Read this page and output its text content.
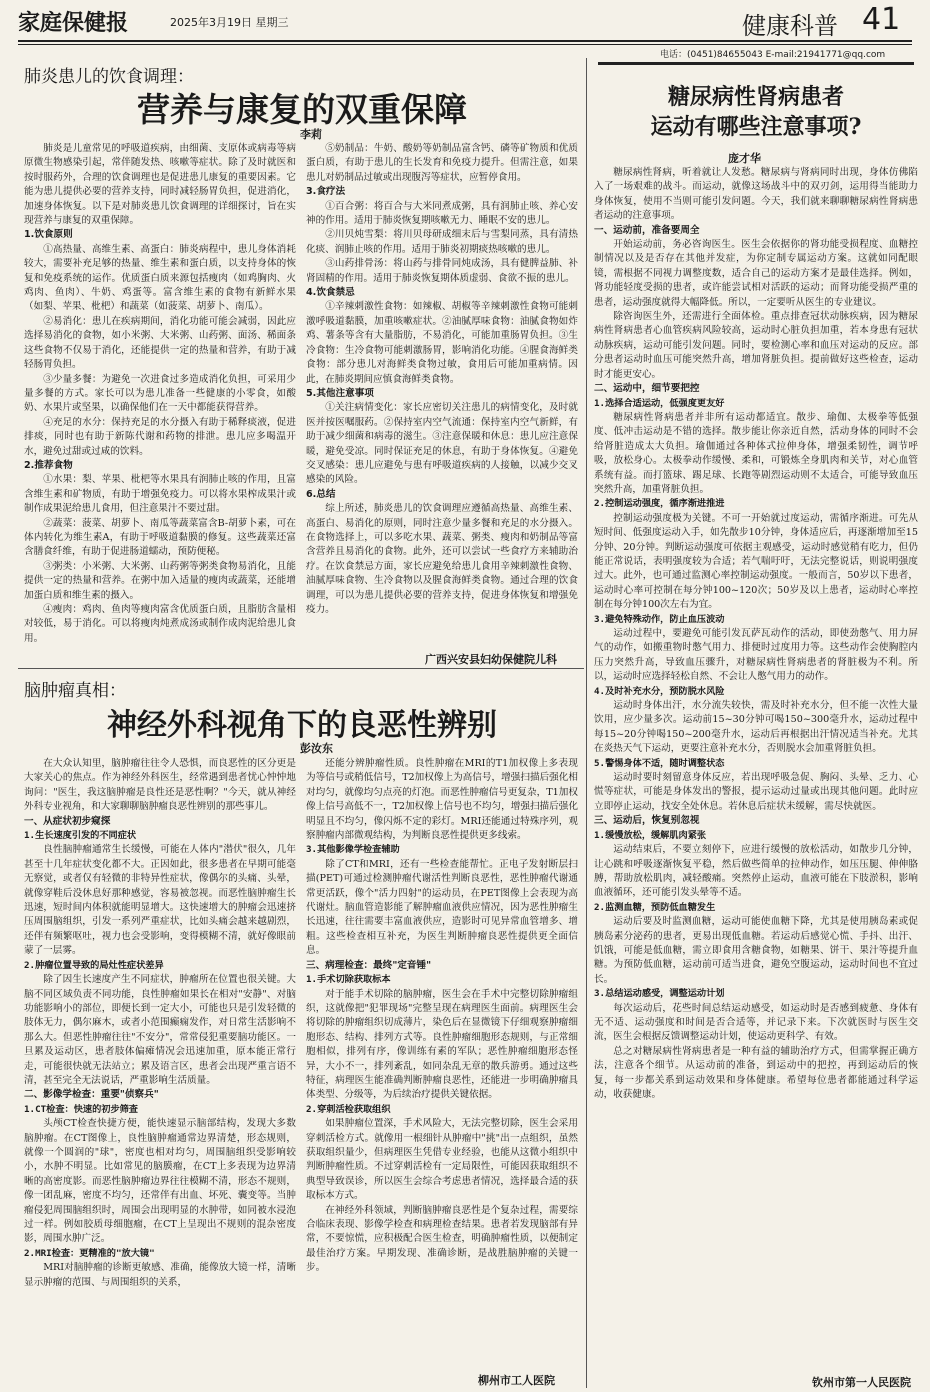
家庭保健报	2025年3月19日 星期三	健康科普 41
电话：(0451)84655043 E-mail:21941771@qq.com
肺炎患儿的饮食调理：
营养与康复的双重保障
李莉

肺炎是儿童常见的呼吸道疾病，由细菌、支原体或病毒等病原微生物感染引起，常伴随发热、咳嗽等症状。除了及时就医和按时服药外，合理的饮食调理也是促进患儿康复的重要因素。它能为患儿提供必要的营养支持，同时减轻肠胃负担，促进消化，加速身体恢复。以下是对肺炎患儿饮食调理的详细探讨，旨在实现营养与康复的双重保障。

1.饮食原则

①高热量、高维生素、高蛋白：肺炎病程中，患儿身体消耗较大，需要补充足够的热量、维生素和蛋白质，以支持身体的恢复和免疫系统的运作。优质蛋白质来源包括瘦肉（如鸡胸肉、火鸡肉、鱼肉）、牛奶、鸡蛋等。富含维生素的食物有新鲜水果（如梨、苹果、枇杷）和蔬菜（如菠菜、胡萝卜、南瓜）。

②易消化：患儿在疾病期间，消化功能可能会减弱，因此应选择易消化的食物，如小米粥、大米粥、山药粥、面汤、稀面条这些食物不仅易于消化，还能提供一定的热量和营养，有助于减轻肠胃负担。

③少量多餐：为避免一次进食过多造成消化负担，可采用少量多餐的方式。家长可以为患儿准备一些健康的小零食，如酸奶、水果片或坚果，以确保他们在一天中都能获得营养。

④充足的水分：保持充足的水分摄入有助于稀释痰液，促进排痰，同时也有助于新陈代谢和药物的排泄。患儿应多喝温开水，避免过甜或过咸的饮料。

2.推荐食物

①水果：梨、苹果、枇杷等水果具有润肺止咳的作用，且富含维生素和矿物质，有助于增强免疫力。可以将水果榨成果汁或制作成果泥给患儿食用，但注意果汁不要过甜。

②蔬菜：菠菜、胡萝卜、南瓜等蔬菜富含B-胡萝卜素，可在体内转化为维生素A，有助于呼吸道黏膜的修复。这些蔬菜还富含膳食纤维，有助于促进肠道蠕动，预防便秘。

③粥类：小米粥、大米粥、山药粥等粥类食物易消化，且能提供一定的热量和营养。在粥中加入适量的瘦肉或蔬菜，还能增加蛋白质和维生素的摄入。

④瘦肉：鸡肉、鱼肉等瘦肉富含优质蛋白质，且脂肪含量相对较低，易于消化。可以将瘦肉炖煮成汤或制作成肉泥给患儿食用。

⑤奶制品：牛奶、酸奶等奶制品富含钙、磷等矿物质和优质蛋白质，有助于患儿的生长发育和免疫力提升。但需注意，如果患儿对奶制品过敏或出现腹泻等症状，应暂停食用。

3.食疗法

①百合粥：将百合与大米同煮成粥，具有润肺止咳、养心安神的作用。适用于肺炎恢复期咳嗽无力、睡眠不安的患儿。

②川贝炖雪梨：将川贝母研成细末后与雪梨同蒸，具有清热化痰、润肺止咳的作用。适用于肺炎初期痰热咳嗽的患儿。

③山药排骨汤：将山药与排骨同炖成汤，具有健脾益肺、补肾固精的作用。适用于肺炎恢复期体质虚弱、食欲不振的患儿。

4.饮食禁忌

①辛辣刺激性食物：如辣椒、胡椒等辛辣刺激性食物可能刺激呼吸道黏膜，加重咳嗽症状。②油腻厚味食物：油腻食物如炸鸡、薯条等含有大量脂肪，不易消化，可能加重肠胃负担。③生冷食物：生冷食物可能刺激肠胃，影响消化功能。④腥食海鲜类食物：部分患儿对海鲜类食物过敏，食用后可能加重病情。因此，在肺炎期间应慎食海鲜类食物。

5.其他注意事项

①关注病情变化：家长应密切关注患儿的病情变化，及时就医并按医嘱服药。②保持室内空气流通：保持室内空气新鲜，有助于减少细菌和病毒的滋生。③注意保暖和休息：患儿应注意保暖，避免受凉。同时保证充足的休息，有助于身体恢复。④避免交叉感染：患儿应避免与患有呼吸道疾病的人接触，以减少交叉感染的风险。

6.总结

综上所述，肺炎患儿的饮食调理应遵循高热量、高维生素、高蛋白、易消化的原则，同时注意少量多餐和充足的水分摄入。在食物选择上，可以多吃水果、蔬菜、粥类、瘦肉和奶制品等富含营养且易消化的食物。此外，还可以尝试一些食疗方来辅助治疗。在饮食禁忌方面，家长应避免给患儿食用辛辣刺激性食物、油腻厚味食物、生冷食物以及腥食海鲜类食物。通过合理的饮食调理，可以为患儿提供必要的营养支持，促进身体恢复和增强免疫力。

广西兴安县妇幼保健院儿科
脑肿瘤真相：
神经外科视角下的良恶性辨别
彭汝东

在大众认知里，脑肿瘤往往令人恐惧，而良恶性的区分更是大家关心的焦点。作为神经外科医生，经常遇到患者忧心忡忡地询问："医生，我这脑肿瘤是良性还是恶性啊？"今天，就从神经外科专业视角，和大家聊聊脑肿瘤良恶性辨别的那些事儿。

一、从症状初步窥探
1.生长速度引发的不同症状

良性脑肿瘤通常生长缓慢，可能在人体内"潜伏"很久，几年甚至十几年症状变化都不大。正因如此，很多患者在早期可能毫无察觉，或者仅有轻微的非特异性症状，像偶尔的头痛、头晕，就像穿鞋后没休息好那种感觉，容易被忽视。而恶性脑肿瘤生长迅速，短时间内体积就能明显增大。这快速增大的肿瘤会迅速挤压周围脑组织，引发一系列严重症状，比如头痛会越来越剧烈，还伴有频繁呕吐，视力也会受影响，变得模糊不清，就好像眼前蒙了一层雾。

2.肿瘤位置导致的局灶性症状差异

除了因生长速度产生不同症状，肿瘤所在位置也很关键。大脑不同区域负责不同功能，良性肿瘤如果长在相对"安静"、对脑功能影响小的部位，即便长到一定大小，可能也只是引发轻微的肢体无力，偶尔麻木，或者小范围癫痫发作，对日常生活影响不那么大。但恶性肿瘤往往"不安分"，常常侵犯重要脑功能区。一旦累及运动区，患者肢体偏瘫情况会迅速加重，原本能正常行走，可能很快就无法站立；累及语言区，患者会出现严重言语不清，甚至完全无法说话，严重影响生活质量。

二、影像学检查：重要"侦察兵"
1.CT检查：快速的初步筛查

头颅CT检查快捷方便，能快速显示脑部结构，发现大多数脑肿瘤。在CT图像上，良性脑肿瘤通常边界清楚，形态规则，就像一个圆润的"球"，密度也相对均匀，周围脑组织受影响较小，水肿不明显。比如常见的脑膜瘤，在CT上多表现为边界清晰的高密度影。而恶性脑肿瘤边界往往模糊不清，形态不规则，像一团乱麻，密度不均匀，还常伴有出血、坏死、囊变等。当肿瘤侵犯周围脑组织时，周围会出现明显的水肿带，如同被水浸泡过一样。例如胶质母细胞瘤，在CT上呈现出不规则的混杂密度影，周围水肿广泛。

2.MRI检查：更精准的"放大镜"

MRI对脑肿瘤的诊断更敏感、准确，能像放大镜一样，清晰显示肿瘤的范围、与周围组织的关系，

还能分辨肿瘤性质。良性肿瘤在MRI的T1加权像上多表现为等信号或稍低信号，T2加权像上为高信号，增强扫描后强化相对均匀，就像均匀点亮的灯泡。而恶性肿瘤信号更复杂，T1加权像上信号高低不一，T2加权像上信号也不均匀，增强扫描后强化明显且不均匀，像闪烁不定的彩灯。MRI还能通过特殊序列，观察肿瘤内部微观结构，为判断良恶性提供更多线索。

3.其他影像学检查辅助

除了CT和MRI，还有一些检查能帮忙。正电子发射断层扫描(PET)可通过检测肿瘤代谢活性判断良恶性，恶性肿瘤代谢通常更活跃，像个"活力四射"的运动员，在PET图像上会表现为高代谢灶。脑血管造影能了解肿瘤血液供应情况，因为恶性肿瘤生长迅速，往往需要丰富血液供应，造影时可见异常血管增多、增粗。这些检查相互补充，为医生判断肿瘤良恶性提供更全面信息。

三、病理检查：最终"定音锤"
1.手术切除获取标本

对于能手术切除的脑肿瘤，医生会在手术中完整切除肿瘤组织，这就像把"犯罪现场"完整呈现在病理医生面前。病理医生会将切除的肿瘤组织切成薄片，染色后在显微镜下仔细观察肿瘤细胞形态、结构、排列方式等。良性肿瘤细胞形态规则，与正常细胞相似，排列有序，像训练有素的军队；恶性肿瘤细胞形态怪异，大小不一，排列紊乱，如同杂乱无章的散兵游勇。通过这些特征，病理医生能准确判断肿瘤良恶性，还能进一步明确肿瘤具体类型、分级等，为后续治疗提供关键依据。

2.穿刺活检获取组织

如果肿瘤位置深，手术风险大，无法完整切除，医生会采用穿刺活检方式。就像用一根细针从肿瘤中"挑"出一点组织，虽然获取组织量少，但病理医生凭借专业经验，也能从这微小组织中判断肿瘤性质。不过穿刺活检有一定局限性，可能因获取组织不典型导致误诊，所以医生会综合考虑患者情况，选择最合适的获取标本方式。

在神经外科领域，判断脑肿瘤良恶性是个复杂过程，需要综合临床表现、影像学检查和病理检查结果。患者若发现脑部有异常，不要惊慌，应积极配合医生检查，明确肿瘤性质，以便制定最佳治疗方案。早期发现、准确诊断，是战胜脑肿瘤的关键一步。

柳州市工人医院
糖尿病性肾病患者
运动有哪些注意事项?
庞才华

糖尿病性肾病，听着就让人发愁。糖尿病与肾病同时出现，身体仿佛陷入了一场艰难的战斗。而运动，就像这场战斗中的双刃剑，运用得当能助力身体恢复，使用不当则可能引发问题。今天，我们就来聊聊糖尿病性肾病患者运动的注意事项。

一、运动前，准备要周全

开始运动前，务必咨询医生。医生会依据你的肾功能受损程度、血糖控制情况以及是否存在其他并发症，为你定制专属运动方案。这就如同配眼镜，需根据不同视力调整度数，适合自己的运动方案才是最佳选择。例如，肾功能轻度受损的患者，或许能尝试相对活跃的运动；而肾功能受损严重的患者，运动强度就得大幅降低。所以，一定要听从医生的专业建议。

除咨询医生外，还需进行全面体检。重点排查冠状动脉疾病，因为糖尿病性肾病患者心血管疾病风险较高，运动时心脏负担加重，若本身患有冠状动脉疾病，运动可能引发问题。同时，要检测心率和血压对运动的反应。部分患者运动时血压可能突然升高，增加肾脏负担。提前做好这些检查，运动时才能更安心。

二、运动中，细节要把控
1.选择合适运动，低强度更友好

糖尿病性肾病患者并非所有运动都适宜。散步、瑜伽、太极拳等低强度、低冲击运动是不错的选择。散步能让你亲近自然，活动身体的同时不会给肾脏造成太大负担。瑜伽通过各种体式拉伸身体，增强柔韧性，调节呼吸，放松身心。太极拳动作缓慢、柔和，可锻炼全身肌肉和关节，对心血管系统有益。而打篮球、踢足球、长跑等剧烈运动则不太适合，可能导致血压突然升高，加重肾脏负担。

2.控制运动强度，循序渐进推进

控制运动强度极为关键。不可一开始就过度运动，需循序渐进。可先从短时间、低强度运动入手，如先散步10分钟，身体适应后，再逐渐增加至15分钟、20分钟。判断运动强度可依据主观感受，运动时感觉稍有吃力，但仍能正常说话，表明强度较为合适；若气喘吁吁，无法完整说话，则说明强度过大。此外，也可通过监测心率控制运动强度。一般而言，50岁以下患者，运动时心率可控制在每分钟100~120次；50岁及以上患者，运动时心率控制在每分钟100次左右为宜。

3.避免特殊动作，防止血压波动

运动过程中，要避免可能引发瓦萨瓦动作的活动，即使劲憋气、用力屏气的动作，如搬重物时憋气用力、排便时过度用力等。这些动作会使胸腔内压力突然升高，导致血压骤升，对糖尿病性肾病患者的肾脏极为不利。所以，运动时应选择轻松自然、不会让人憋气用力的动作。

4.及时补充水分，预防脱水风险

运动时身体出汗，水分流失较快，需及时补充水分，但不能一次性大量饮用，应少量多次。运动前15~30分钟可喝150~300毫升水，运动过程中每15~20分钟喝150~200毫升水，运动后再根据出汗情况适当补充。尤其在炎热天气下运动，更要注意补充水分，否则脱水会加重肾脏负担。

5.警惕身体不适，随时调整状态

运动时要时刻留意身体反应，若出现呼吸急促、胸闷、头晕、乏力、心慌等症状，可能是身体发出的警报，提示运动过量或出现其他问题。此时应立即停止运动，找安全处休息。若休息后症状未缓解，需尽快就医。

三、运动后，恢复别忽视
1.缓慢放松，缓解肌肉紧张

运动结束后，不要立刻停下，应进行缓慢的放松活动，如散步几分钟，让心跳和呼吸逐渐恢复平稳，然后做些简单的拉伸动作，如压压腿、伸伸胳膊，帮助放松肌肉，减轻酸痛。突然停止运动，血液可能在下肢淤积，影响血液循环，还可能引发头晕等不适。

2.监测血糖，预防低血糖发生

运动后要及时监测血糖，运动可能使血糖下降，尤其是使用胰岛素或促胰岛素分泌药的患者，更易出现低血糖。若运动后感觉心慌、手抖、出汗、饥饿，可能是低血糖，需立即食用含糖食物，如糖果、饼干、果汁等提升血糖。为预防低血糖，运动前可适当进食，避免空腹运动，运动时间也不宜过长。

3.总结运动感受，调整运动计划

每次运动后，花些时间总结运动感受，如运动时是否感到疲惫、身体有无不适、运动强度和时间是否合适等，并记录下来。下次就医时与医生交流，医生会根据反馈调整运动计划，使运动更科学、有效。

总之对糖尿病性肾病患者是一种有益的辅助治疗方式，但需掌握正确方法，注意各个细节。从运动前的准备，到运动中的把控，再到运动后的恢复，每一步都关系到运动效果和身体健康。希望每位患者都能通过科学运动，收获健康。

钦州市第一人民医院
